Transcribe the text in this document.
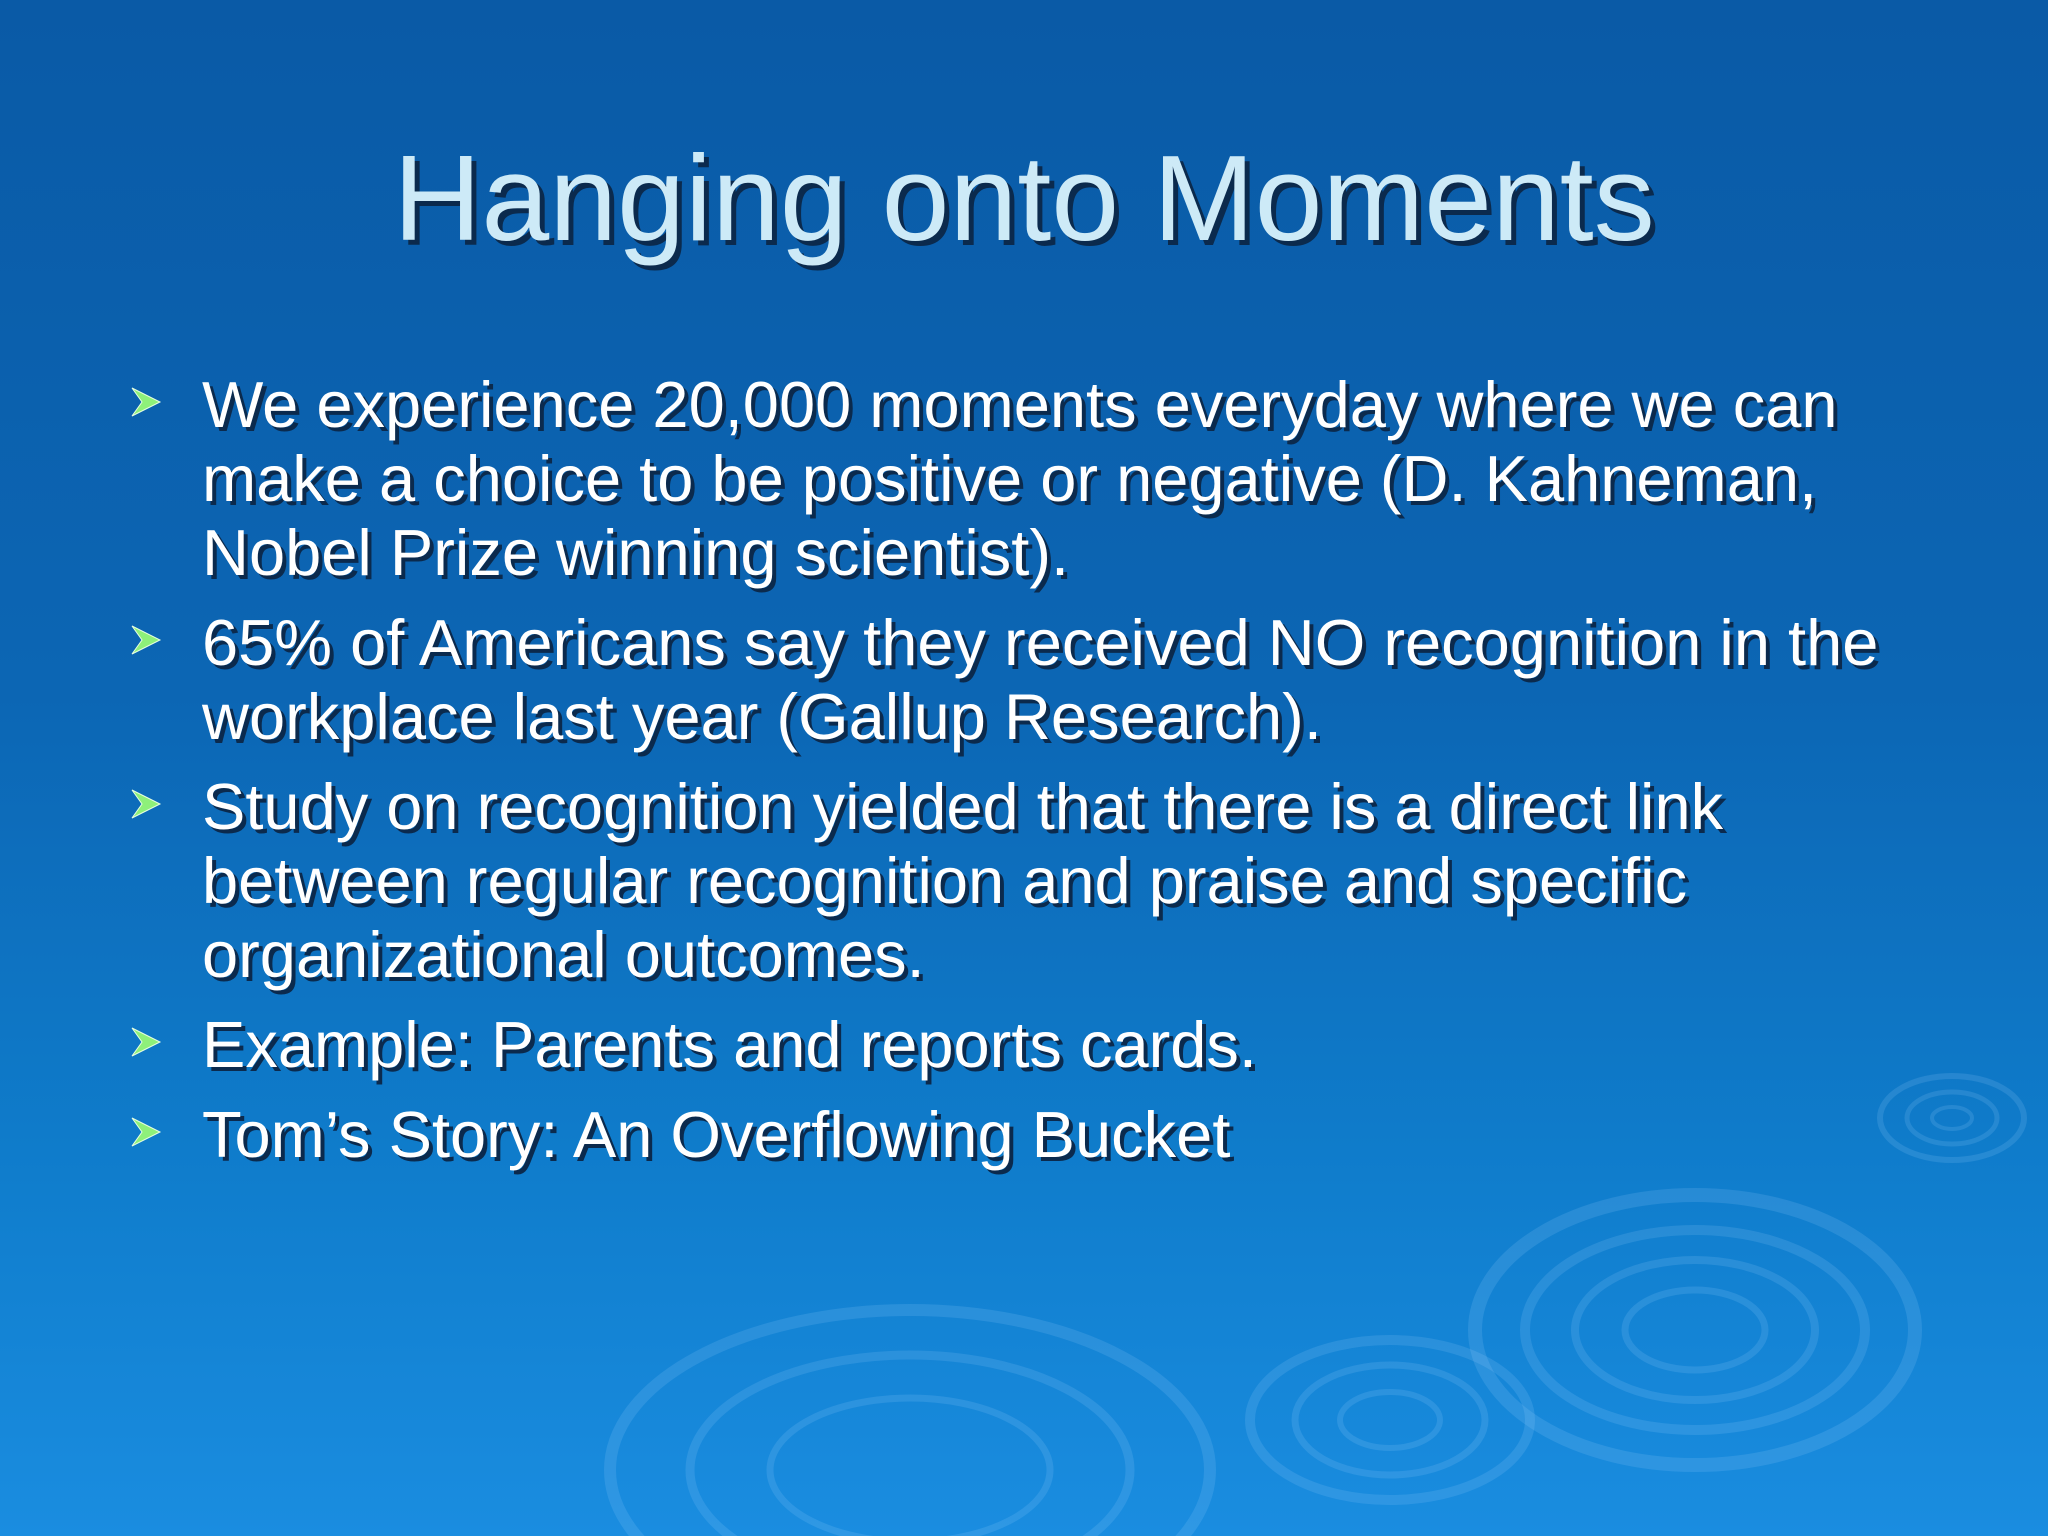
Hanging onto Moments
We experience 20,000 moments everyday where we can make a choice to be positive or negative (D. Kahneman, Nobel Prize winning scientist).
65% of Americans say they received NO recognition in the workplace last year (Gallup Research).
Study on recognition yielded that there is a direct link between regular recognition and praise and specific organizational outcomes.
Example: Parents and reports cards.
Tom’s Story: An Overflowing Bucket
